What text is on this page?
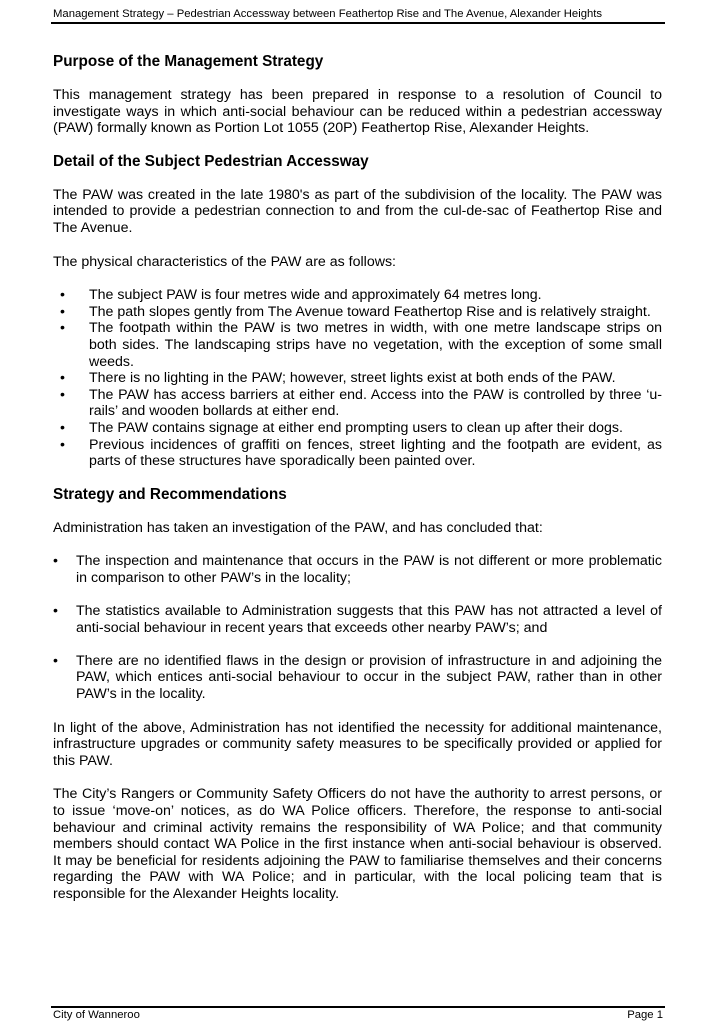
Management Strategy – Pedestrian Accessway between Feathertop Rise and The Avenue, Alexander Heights
Purpose of the Management Strategy

This management strategy has been prepared in response to a resolution of Council to investigate ways in which anti-social behaviour can be reduced within a pedestrian accessway (PAW) formally known as Portion Lot 1055 (20P) Feathertop Rise, Alexander Heights.

Detail of the Subject Pedestrian Accessway

The PAW was created in the late 1980's as part of the subdivision of the locality. The PAW was intended to provide a pedestrian connection to and from the cul-de-sac of Feathertop Rise and The Avenue.

The physical characteristics of the PAW are as follows:

• The subject PAW is four metres wide and approximately 64 metres long.
• The path slopes gently from The Avenue toward Feathertop Rise and is relatively straight.
• The footpath within the PAW is two metres in width, with one metre landscape strips on both sides. The landscaping strips have no vegetation, with the exception of some small weeds.
• There is no lighting in the PAW; however, street lights exist at both ends of the PAW.
• The PAW has access barriers at either end. Access into the PAW is controlled by three ‘u-rails’ and wooden bollards at either end.
• The PAW contains signage at either end prompting users to clean up after their dogs.
• Previous incidences of graffiti on fences, street lighting and the footpath are evident, as parts of these structures have sporadically been painted over.
Strategy and Recommendations

Administration has taken an investigation of the PAW, and has concluded that:

• The inspection and maintenance that occurs in the PAW is not different or more problematic in comparison to other PAW’s in the locality;
• The statistics available to Administration suggests that this PAW has not attracted a level of anti-social behaviour in recent years that exceeds other nearby PAW’s; and
• There are no identified flaws in the design or provision of infrastructure in and adjoining the PAW, which entices anti-social behaviour to occur in the subject PAW, rather than in other PAW’s in the locality.

In light of the above, Administration has not identified the necessity for additional maintenance, infrastructure upgrades or community safety measures to be specifically provided or applied for this PAW.

The City’s Rangers or Community Safety Officers do not have the authority to arrest persons, or to issue ‘move-on’ notices, as do WA Police officers. Therefore, the response to anti-social behaviour and criminal activity remains the responsibility of WA Police; and that community members should contact WA Police in the first instance when anti-social behaviour is observed. It may be beneficial for residents adjoining the PAW to familiarise themselves and their concerns regarding the PAW with WA Police; and in particular, with the local policing team that is responsible for the Alexander Heights locality.

City of Wanneroo	Page 1
